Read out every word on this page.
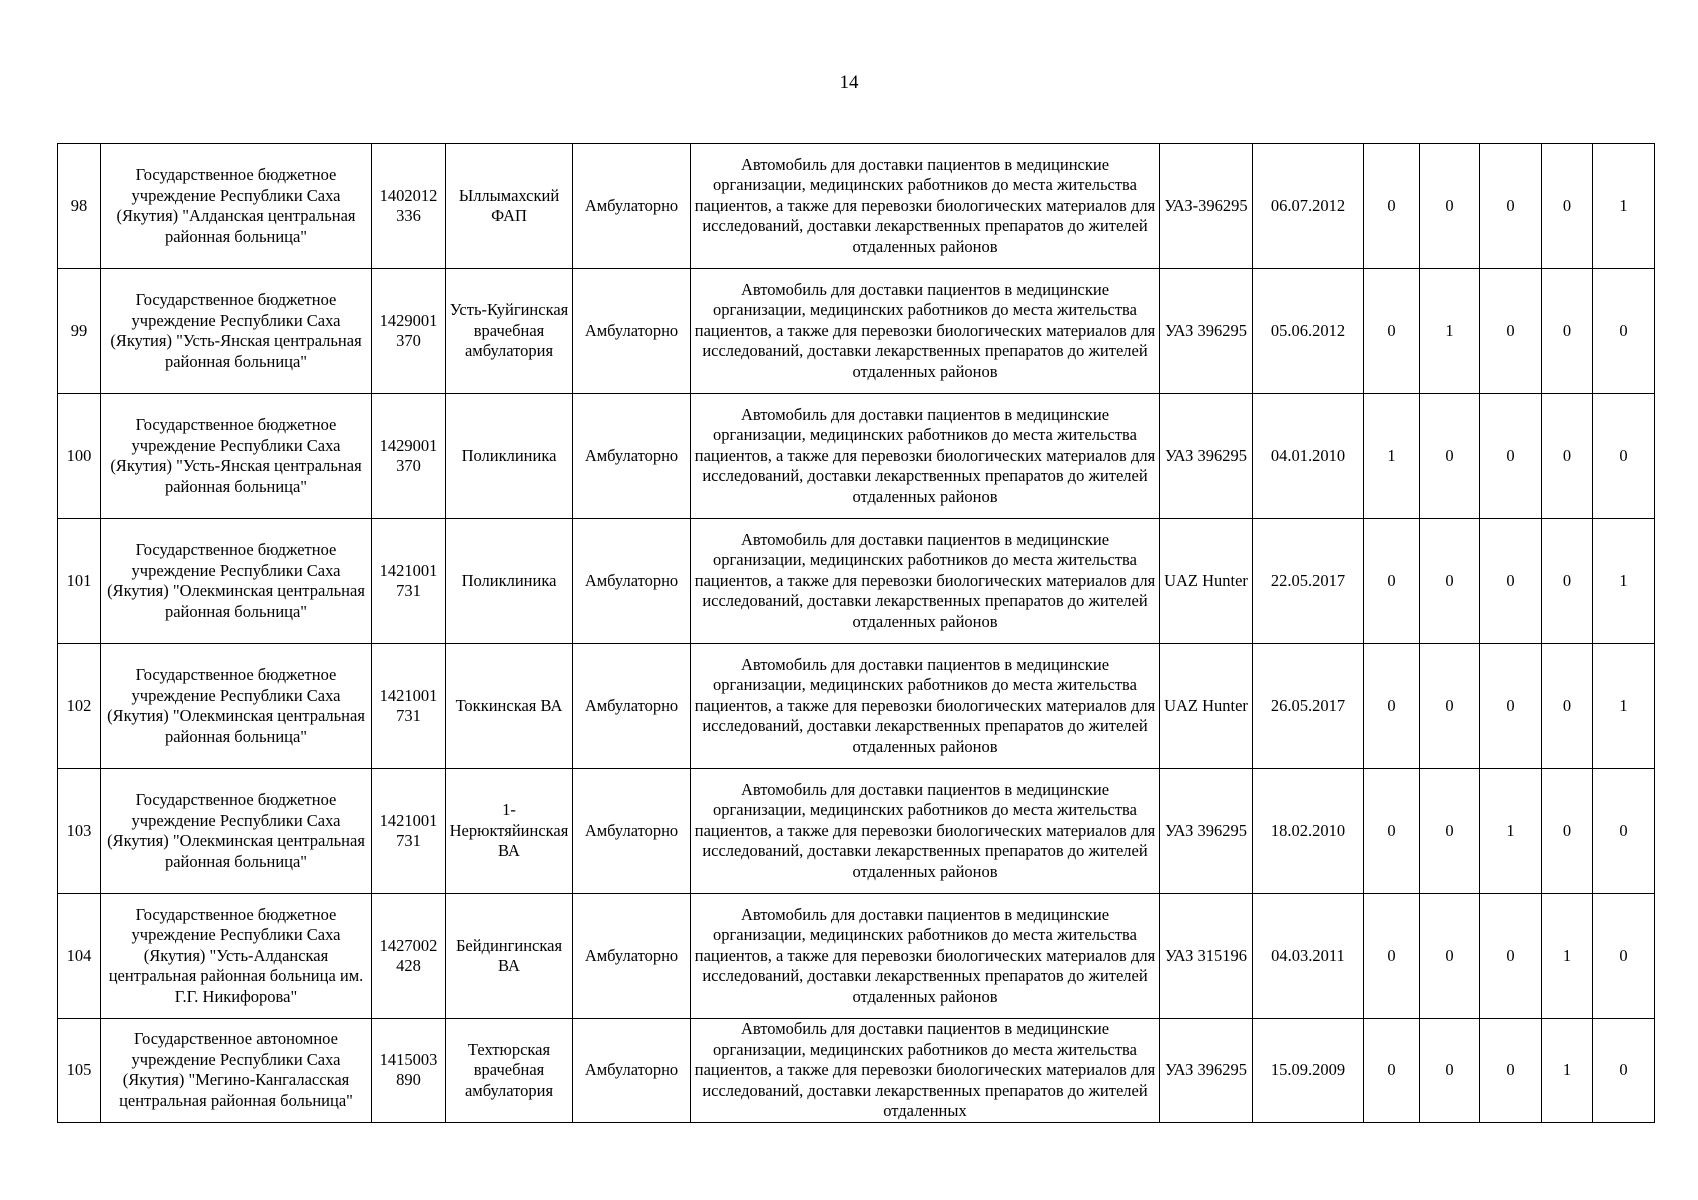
14
98	Государственное бюджетное учреждение Республики Саха (Якутия) "Алданская центральная районная больница"	1402012 336	Ыллымахский ФАП	Амбулаторно	Автомобиль для доставки пациентов в медицинские организации, медицинских работников до места жительства пациентов, а также для перевозки биологических материалов для исследований, доставки лекарственных препаратов до жителей отдаленных районов	УАЗ-396295	06.07.2012	0	0	0	0	1
99	Государственное бюджетное учреждение Республики Саха (Якутия) "Усть-Янская центральная районная больница"	1429001 370	Усть-Куйгинская врачебная амбулатория	Амбулаторно	Автомобиль для доставки пациентов в медицинские организации, медицинских работников до места жительства пациентов, а также для перевозки биологических материалов для исследований, доставки лекарственных препаратов до жителей отдаленных районов	УАЗ 396295	05.06.2012	0	1	0	0	0
100	Государственное бюджетное учреждение Республики Саха (Якутия) "Усть-Янская центральная районная больница"	1429001 370	Поликлиника	Амбулаторно	Автомобиль для доставки пациентов в медицинские организации, медицинских работников до места жительства пациентов, а также для перевозки биологических материалов для исследований, доставки лекарственных препаратов до жителей отдаленных районов	УАЗ 396295	04.01.2010	1	0	0	0	0
101	Государственное бюджетное учреждение Республики Саха (Якутия) "Олекминская центральная районная больница"	1421001 731	Поликлиника	Амбулаторно	Автомобиль для доставки пациентов в медицинские организации, медицинских работников до места жительства пациентов, а также для перевозки биологических материалов для исследований, доставки лекарственных препаратов до жителей отдаленных районов	UAZ Hunter	22.05.2017	0	0	0	0	1
102	Государственное бюджетное учреждение Республики Саха (Якутия) "Олекминская центральная районная больница"	1421001 731	Токкинская ВА	Амбулаторно	Автомобиль для доставки пациентов в медицинские организации, медицинских работников до места жительства пациентов, а также для перевозки биологических материалов для исследований, доставки лекарственных препаратов до жителей отдаленных районов	UAZ Hunter	26.05.2017	0	0	0	0	1
103	Государственное бюджетное учреждение Республики Саха (Якутия) "Олекминская центральная районная больница"	1421001 731	1-Нерюктяйинская ВА	Амбулаторно	Автомобиль для доставки пациентов в медицинские организации, медицинских работников до места жительства пациентов, а также для перевозки биологических материалов для исследований, доставки лекарственных препаратов до жителей отдаленных районов	УАЗ 396295	18.02.2010	0	0	1	0	0
104	Государственное бюджетное учреждение Республики Саха (Якутия) "Усть-Алданская центральная районная больница им. Г.Г. Никифорова"	1427002 428	Бейдингинская ВА	Амбулаторно	Автомобиль для доставки пациентов в медицинские организации, медицинских работников до места жительства пациентов, а также для перевозки биологических материалов для исследований, доставки лекарственных препаратов до жителей отдаленных районов	УАЗ 315196	04.03.2011	0	0	0	1	0
105	Государственное автономное учреждение Республики Саха (Якутия) "Мегино-Кангаласская центральная районная больница"	1415003 890	Техтюрская врачебная амбулатория	Амбулаторно	Автомобиль для доставки пациентов в медицинские организации, медицинских работников до места жительства пациентов, а также для перевозки биологических материалов для исследований, доставки лекарственных препаратов до жителей отдаленных	УАЗ 396295	15.09.2009	0	0	0	1	0
